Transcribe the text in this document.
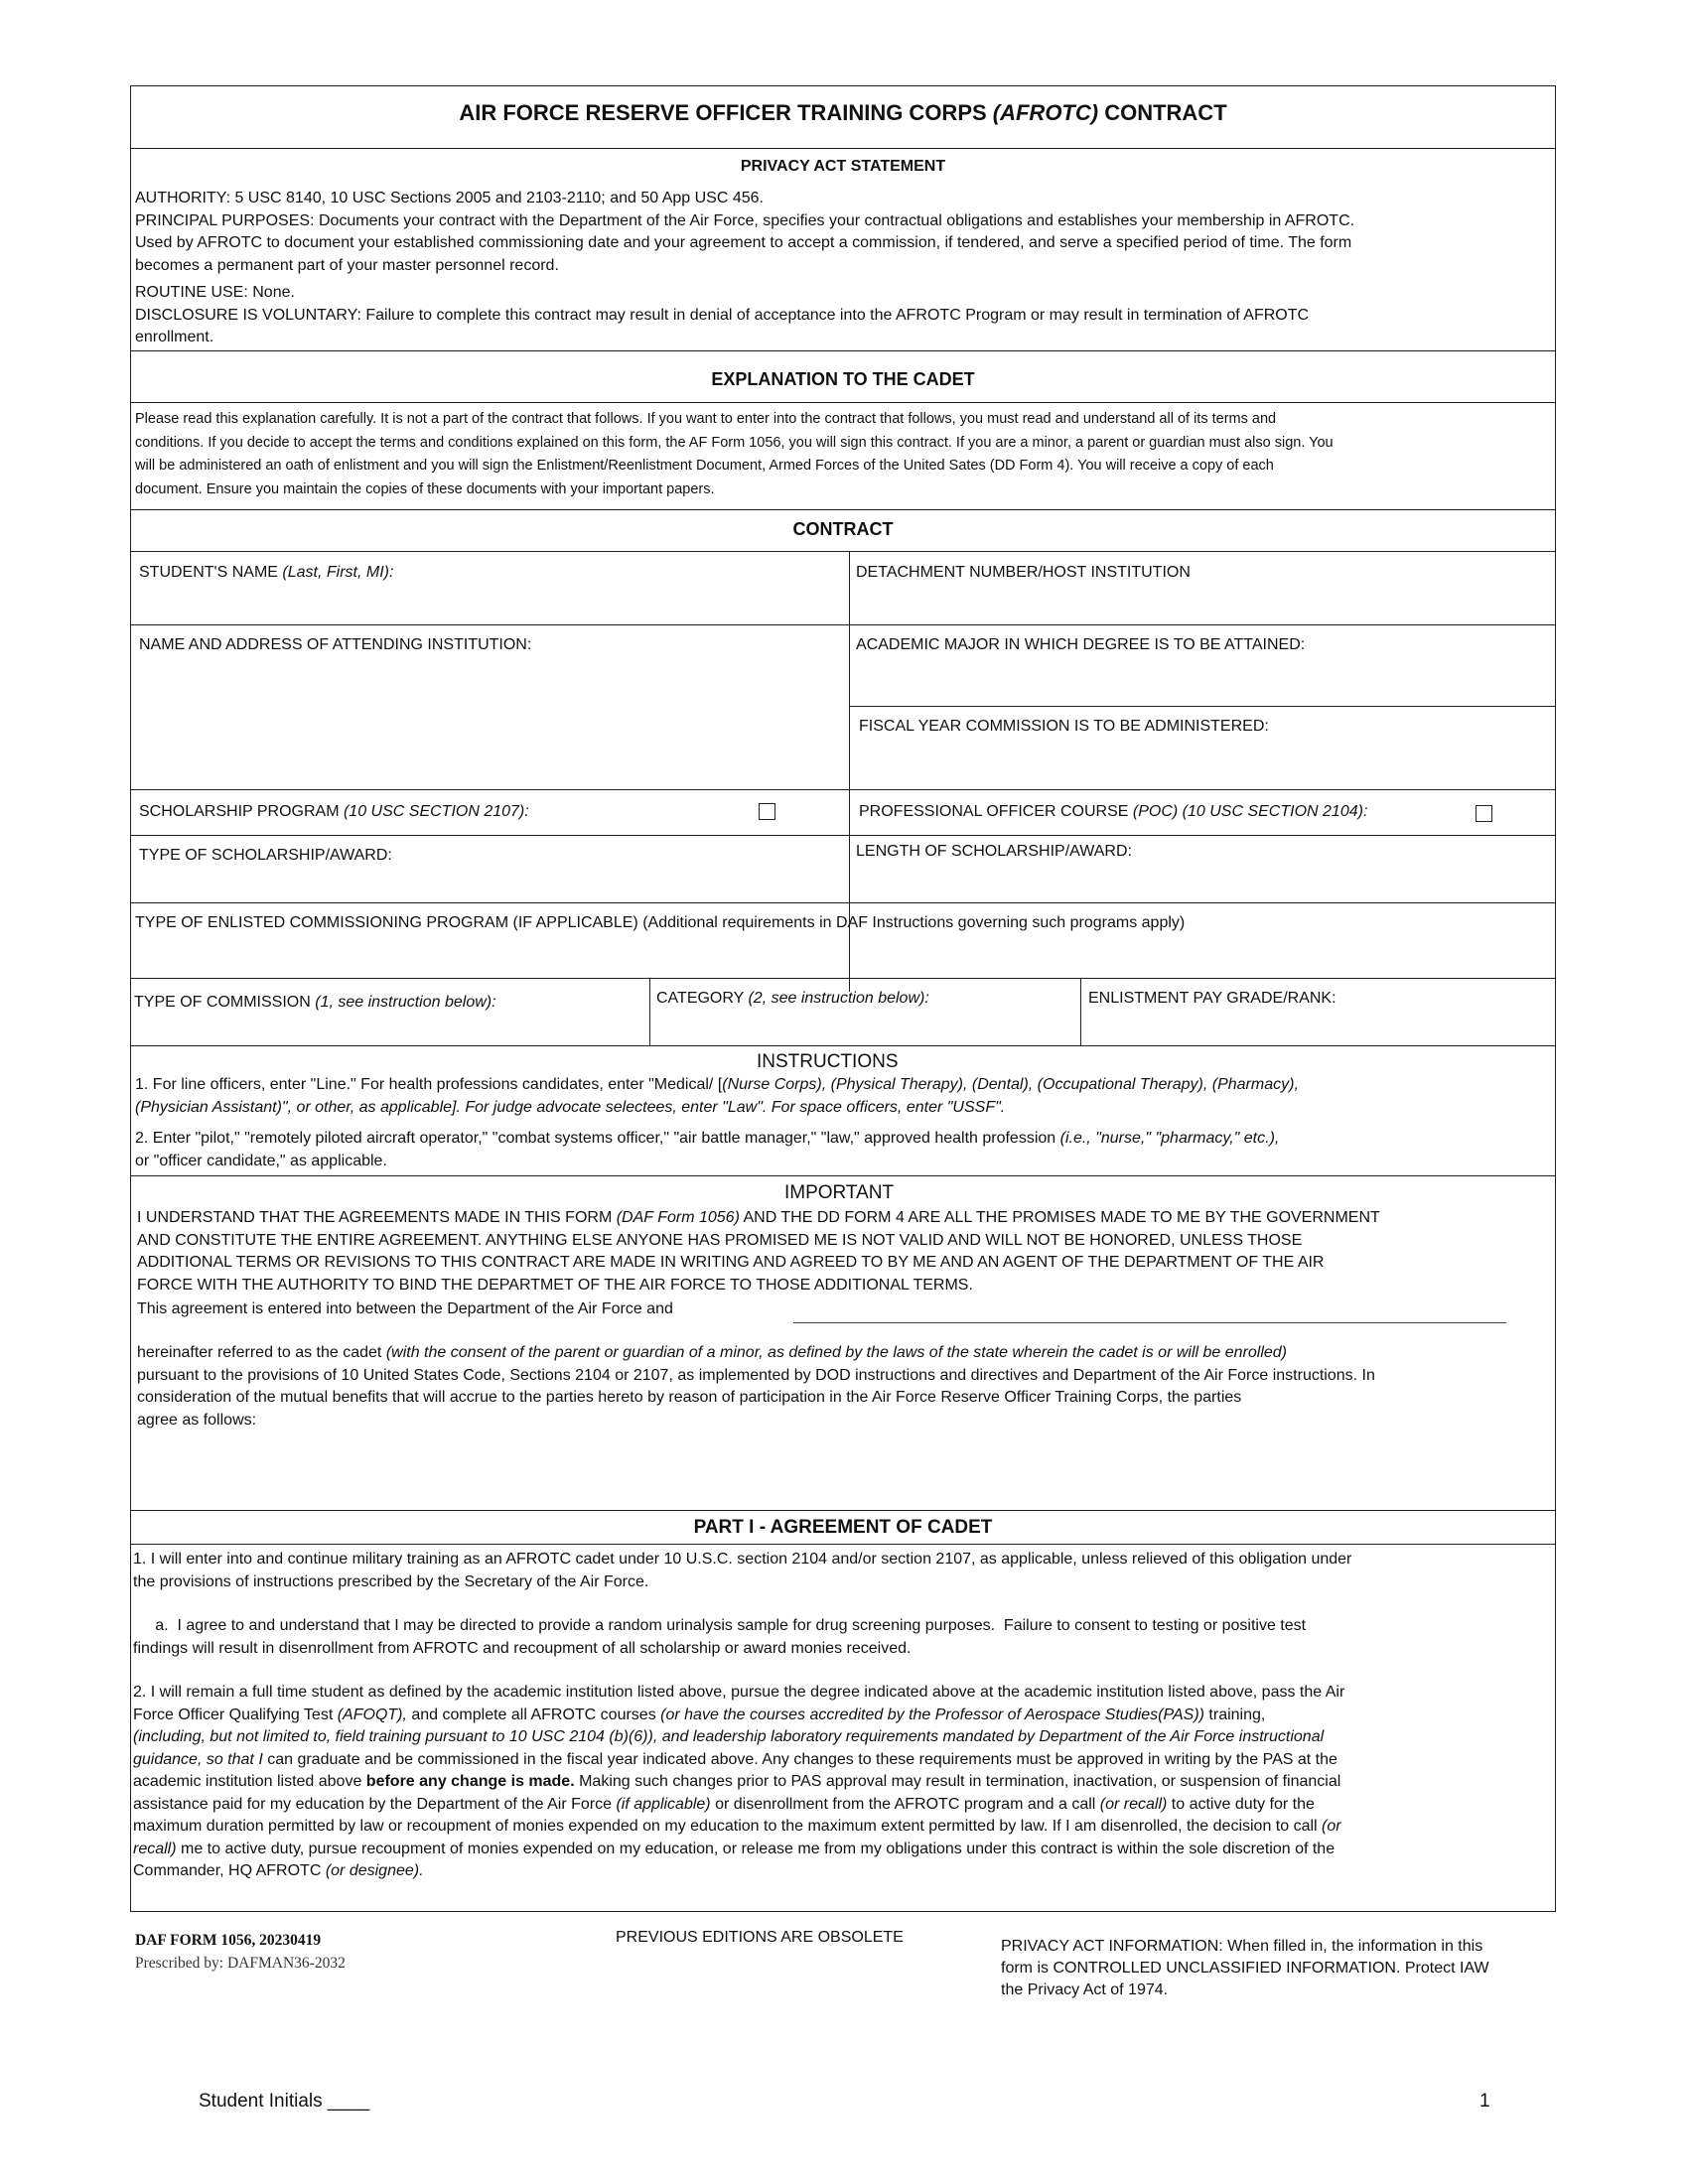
AIR FORCE RESERVE OFFICER TRAINING CORPS (AFROTC) CONTRACT
PRIVACY ACT STATEMENT
AUTHORITY: 5 USC 8140, 10 USC Sections 2005 and 2103-2110; and 50 App USC 456.
PRINCIPAL PURPOSES: Documents your contract with the Department of the Air Force, specifies your contractual obligations and establishes your membership in AFROTC.
Used by AFROTC to document your established commissioning date and your agreement to accept a commission, if tendered, and serve a specified period of time. The form
becomes a permanent part of your master personnel record.
ROUTINE USE: None.
DISCLOSURE IS VOLUNTARY: Failure to complete this contract may result in denial of acceptance into the AFROTC Program or may result in termination of AFROTC
enrollment.
EXPLANATION TO THE CADET
Please read this explanation carefully. It is not a part of the contract that follows. If you want to enter into the contract that follows, you must read and understand all of its terms and
conditions. If you decide to accept the terms and conditions explained on this form, the AF Form 1056, you will sign this contract. If you are a minor, a parent or guardian must also sign. You
will be administered an oath of enlistment and you will sign the Enlistment/Reenlistment Document, Armed Forces of the United Sates (DD Form 4). You will receive a copy of each
document. Ensure you maintain the copies of these documents with your important papers.
CONTRACT
STUDENT'S NAME (Last, First, MI):	DETACHMENT NUMBER/HOST INSTITUTION
NAME AND ADDRESS OF ATTENDING INSTITUTION:	ACADEMIC MAJOR IN WHICH DEGREE IS TO BE ATTAINED:
FISCAL YEAR COMMISSION IS TO BE ADMINISTERED:
SCHOLARSHIP PROGRAM (10 USC SECTION 2107):	PROFESSIONAL OFFICER COURSE (POC) (10 USC SECTION 2104):
TYPE OF SCHOLARSHIP/AWARD:	LENGTH OF SCHOLARSHIP/AWARD:
TYPE OF ENLISTED COMMISSIONING PROGRAM (IF APPLICABLE) (Additional requirements in DAF Instructions governing such programs apply)
TYPE OF COMMISSION (1, see instruction below):	CATEGORY (2, see instruction below):	ENLISTMENT PAY GRADE/RANK:
INSTRUCTIONS
1. For line officers, enter "Line." For health professions candidates, enter "Medical/ [(Nurse Corps), (Physical Therapy), (Dental), (Occupational Therapy), (Pharmacy),
(Physician Assistant)", or other, as applicable]. For judge advocate selectees, enter "Law". For space officers, enter "USSF".
2. Enter "pilot," "remotely piloted aircraft operator," "combat systems officer," "air battle manager," "law," approved health profession (i.e., "nurse," "pharmacy," etc.),
or "officer candidate," as applicable.
IMPORTANT
I UNDERSTAND THAT THE AGREEMENTS MADE IN THIS FORM (DAF Form 1056) AND THE DD FORM 4 ARE ALL THE PROMISES MADE TO ME BY THE GOVERNMENT
AND CONSTITUTE THE ENTIRE AGREEMENT. ANYTHING ELSE ANYONE HAS PROMISED ME IS NOT VALID AND WILL NOT BE HONORED, UNLESS THOSE
ADDITIONAL TERMS OR REVISIONS TO THIS CONTRACT ARE MADE IN WRITING AND AGREED TO BY ME AND AN AGENT OF THE DEPARTMENT OF THE AIR
FORCE WITH THE AUTHORITY TO BIND THE DEPARTMET OF THE AIR FORCE TO THOSE ADDITIONAL TERMS.
This agreement is entered into between the Department of the Air Force and
hereinafter referred to as the cadet (with the consent of the parent or guardian of a minor, as defined by the laws of the state wherein the cadet is or will be enrolled)
pursuant to the provisions of 10 United States Code, Sections 2104 or 2107, as implemented by DOD instructions and directives and Department of the Air Force instructions. In
consideration of the mutual benefits that will accrue to the parties hereto by reason of participation in the Air Force Reserve Officer Training Corps, the parties
agree as follows:
PART I - AGREEMENT OF CADET
1. I will enter into and continue military training as an AFROTC cadet under 10 U.S.C. section 2104 and/or section 2107, as applicable, unless relieved of this obligation under
the provisions of instructions prescribed by the Secretary of the Air Force.
a.  I agree to and understand that I may be directed to provide a random urinalysis sample for drug screening purposes.  Failure to consent to testing or positive test
findings will result in disenrollment from AFROTC and recoupment of all scholarship or award monies received.
2. I will remain a full time student as defined by the academic institution listed above, pursue the degree indicated above at the academic institution listed above, pass the Air
Force Officer Qualifying Test (AFOQT), and complete all AFROTC courses (or have the courses accredited by the Professor of Aerospace Studies(PAS)) training,
(including, but not limited to, field training pursuant to 10 USC 2104 (b)(6)), and leadership laboratory requirements mandated by Department of the Air Force instructional
guidance, so that I can graduate and be commissioned in the fiscal year indicated above. Any changes to these requirements must be approved in writing by the PAS at the
academic institution listed above before any change is made. Making such changes prior to PAS approval may result in termination, inactivation, or suspension of financial
assistance paid for my education by the Department of the Air Force (if applicable) or disenrollment from the AFROTC program and a call (or recall) to active duty for the
maximum duration permitted by law or recoupment of monies expended on my education to the maximum extent permitted by law. If I am disenrolled, the decision to call (or
recall) me to active duty, pursue recoupment of monies expended on my education, or release me from my obligations under this contract is within the sole discretion of the
Commander, HQ AFROTC (or designee).
DAF FORM 1056, 20230419
Prescribed by: DAFMAN36-2032
PREVIOUS EDITIONS ARE OBSOLETE
PRIVACY ACT INFORMATION: When filled in, the information in this
form is CONTROLLED UNCLASSIFIED INFORMATION. Protect IAW
the Privacy Act of 1974.
Student Initials ____	1
